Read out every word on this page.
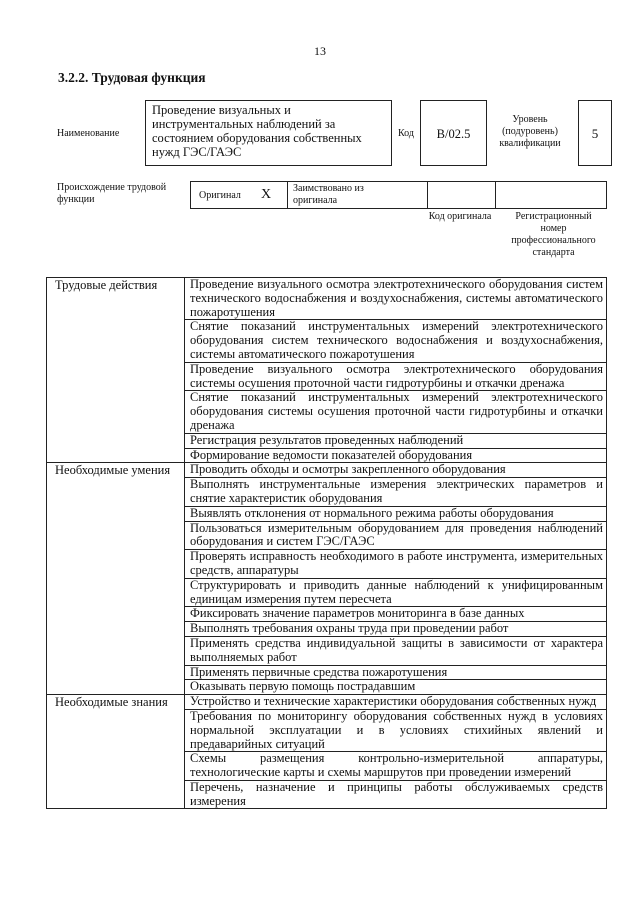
13
3.2.2. Трудовая функция
Наименование
Проведение визуальных и инструментальных наблюдений за состоянием оборудования собственных нужд ГЭС/ГАЭС
Код	B/02.5
Уровень (подуровень) квалификации
5
Происхождение трудовой функции	Оригинал X Заимствовано из оригинала
Код оригинала	Регистрационный номер профессионального стандарта
Трудовые действия	Проведение визуального осмотра электротехнического оборудования систем технического водоснабжения и воздухоснабжения, системы автоматического пожаротушения
	Снятие показаний инструментальных измерений электротехнического оборудования систем технического водоснабжения и воздухоснабжения, системы автоматического пожаротушения
	Проведение визуального осмотра электротехнического оборудования системы осушения проточной части гидротурбины и откачки дренажа
	Снятие показаний инструментальных измерений электротехнического оборудования системы осушения проточной части гидротурбины и откачки дренажа
	Регистрация результатов проведенных наблюдений
	Формирование ведомости показателей оборудования
Необходимые умения	Проводить обходы и осмотры закрепленного оборудования
	Выполнять инструментальные измерения электрических параметров и снятие характеристик оборудования
	Выявлять отклонения от нормального режима работы оборудования
	Пользоваться измерительным оборудованием для проведения наблюдений оборудования и систем ГЭС/ГАЭС
	Проверять исправность необходимого в работе инструмента, измерительных средств, аппаратуры
	Структурировать и приводить данные наблюдений к унифицированным единицам измерения путем пересчета
	Фиксировать значение параметров мониторинга в базе данных
	Выполнять требования охраны труда при проведении работ
	Применять средства индивидуальной защиты в зависимости от характера выполняемых работ
	Применять первичные средства пожаротушения
	Оказывать первую помощь пострадавшим
Необходимые знания	Устройство и технические характеристики оборудования собственных нужд
	Требования по мониторингу оборудования собственных нужд в условиях нормальной эксплуатации и в условиях стихийных явлений и предаварийных ситуаций
	Схемы размещения контрольно-измерительной аппаратуры, технологические карты и схемы маршрутов при проведении измерений
	Перечень, назначение и принципы работы обслуживаемых средств измерения
